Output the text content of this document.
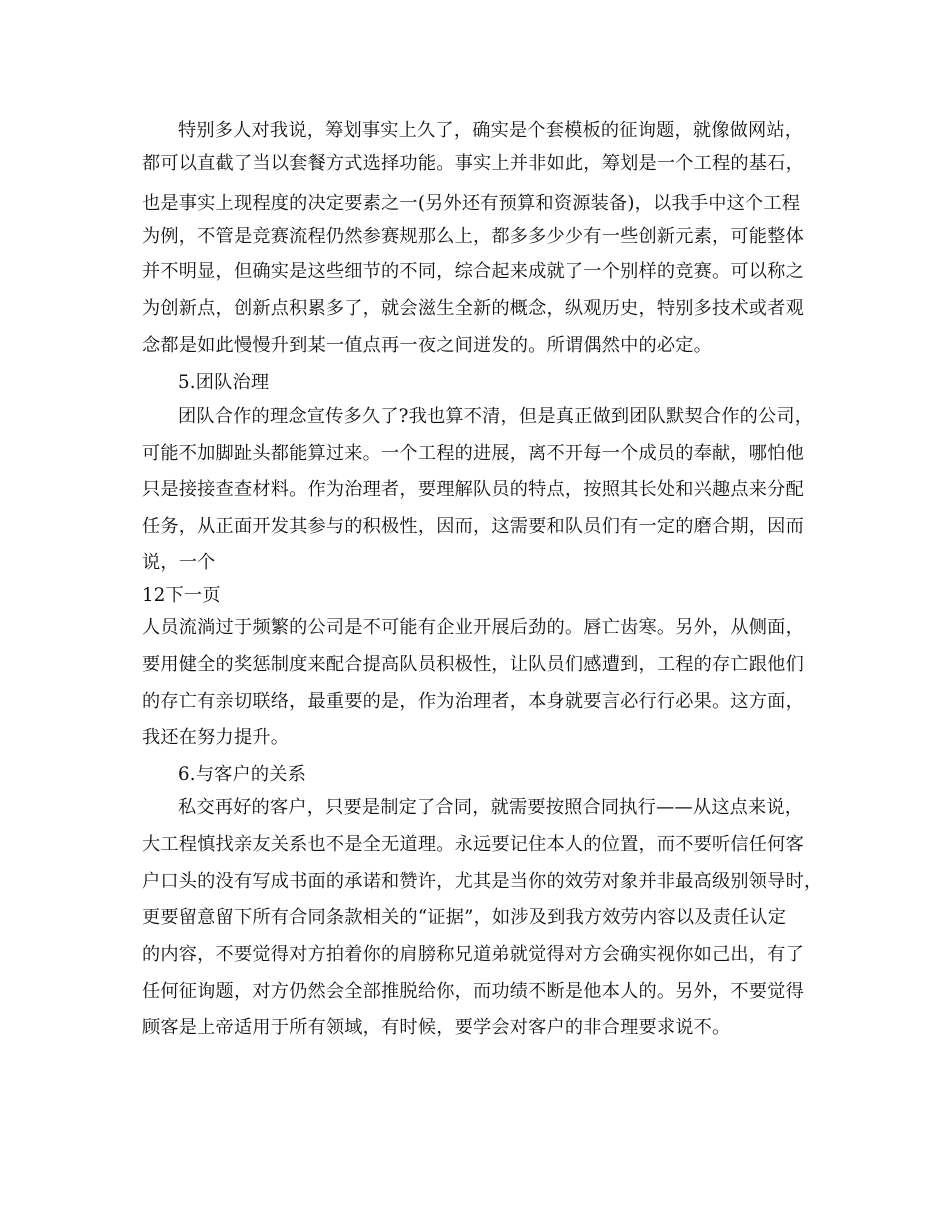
特别多人对我说，筹划事实上久了，确实是个套模板的征询题，就像做网站，
都可以直截了当以套餐方式选择功能。事实上并非如此，筹划是一个工程的基石，
也是事实上现程度的决定要素之一(另外还有预算和资源装备)，以我手中这个工程
为例，不管是竞赛流程仍然参赛规那么上，都多多少少有一些创新元素，可能整体
并不明显，但确实是这些细节的不同，综合起来成就了一个别样的竞赛。可以称之
为创新点，创新点积累多了，就会滋生全新的概念，纵观历史，特别多技术或者观
念都是如此慢慢升到某一值点再一夜之间迸发的。所谓偶然中的必定。
5.团队治理
团队合作的理念宣传多久了?我也算不清，但是真正做到团队默契合作的公司，
可能不加脚趾头都能算过来。一个工程的进展，离不开每一个成员的奉献，哪怕他
只是接接查查材料。作为治理者，要理解队员的特点，按照其长处和兴趣点来分配
任务，从正面开发其参与的积极性，因而，这需要和队员们有一定的磨合期，因而
说，一个
12下一页
人员流淌过于频繁的公司是不可能有企业开展后劲的。唇亡齿寒。另外，从侧面，
要用健全的奖惩制度来配合提高队员积极性，让队员们感遭到，工程的存亡跟他们
的存亡有亲切联络，最重要的是，作为治理者，本身就要言必行行必果。这方面，
我还在努力提升。
6.与客户的关系
私交再好的客户，只要是制定了合同，就需要按照合同执行——从这点来说，
大工程慎找亲友关系也不是全无道理。永远要记住本人的位置，而不要听信任何客
户口头的没有写成书面的承诺和赞许，尤其是当你的效劳对象并非最高级别领导时，
更要留意留下所有合同条款相关的“证据”，如涉及到我方效劳内容以及责任认定
的内容，不要觉得对方拍着你的肩膀称兄道弟就觉得对方会确实视你如己出，有了
任何征询题，对方仍然会全部推脱给你，而功绩不断是他本人的。另外，不要觉得
顾客是上帝适用于所有领域，有时候，要学会对客户的非合理要求说不。
